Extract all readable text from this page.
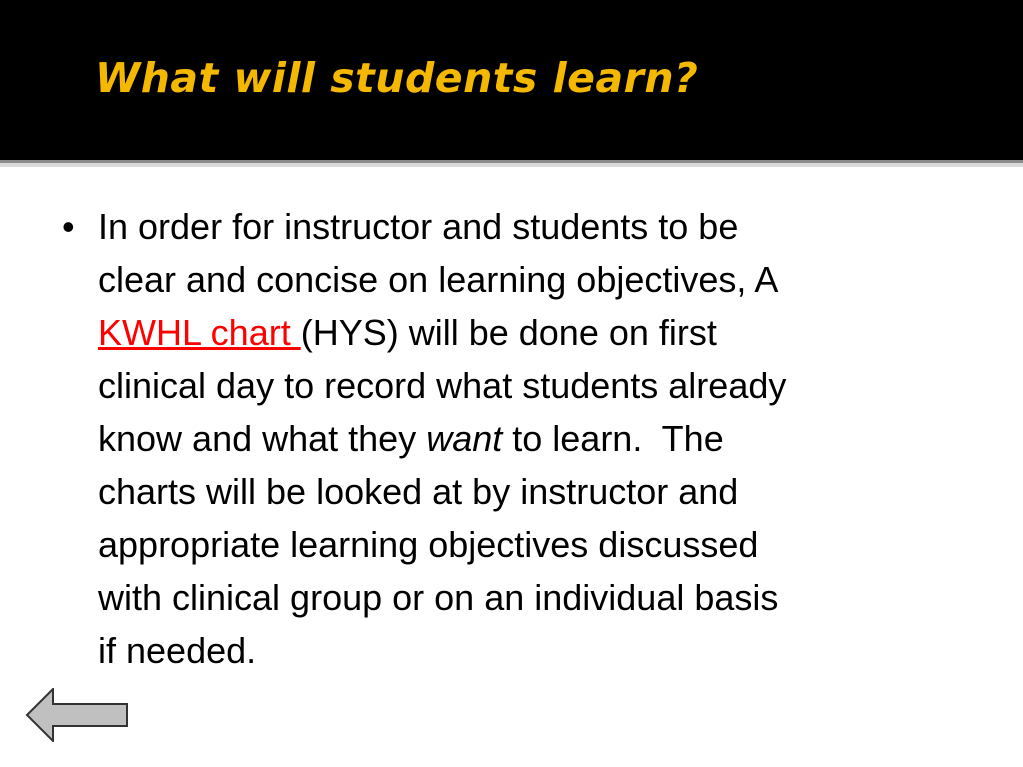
What will students learn?
• In order for instructor and students to be
clear and concise on learning objectives, A
KWHL chart (HYS) will be done on first
clinical day to record what students already
know and what they want to learn.  The
charts will be looked at by instructor and
appropriate learning objectives discussed
with clinical group or on an individual basis
if needed.
